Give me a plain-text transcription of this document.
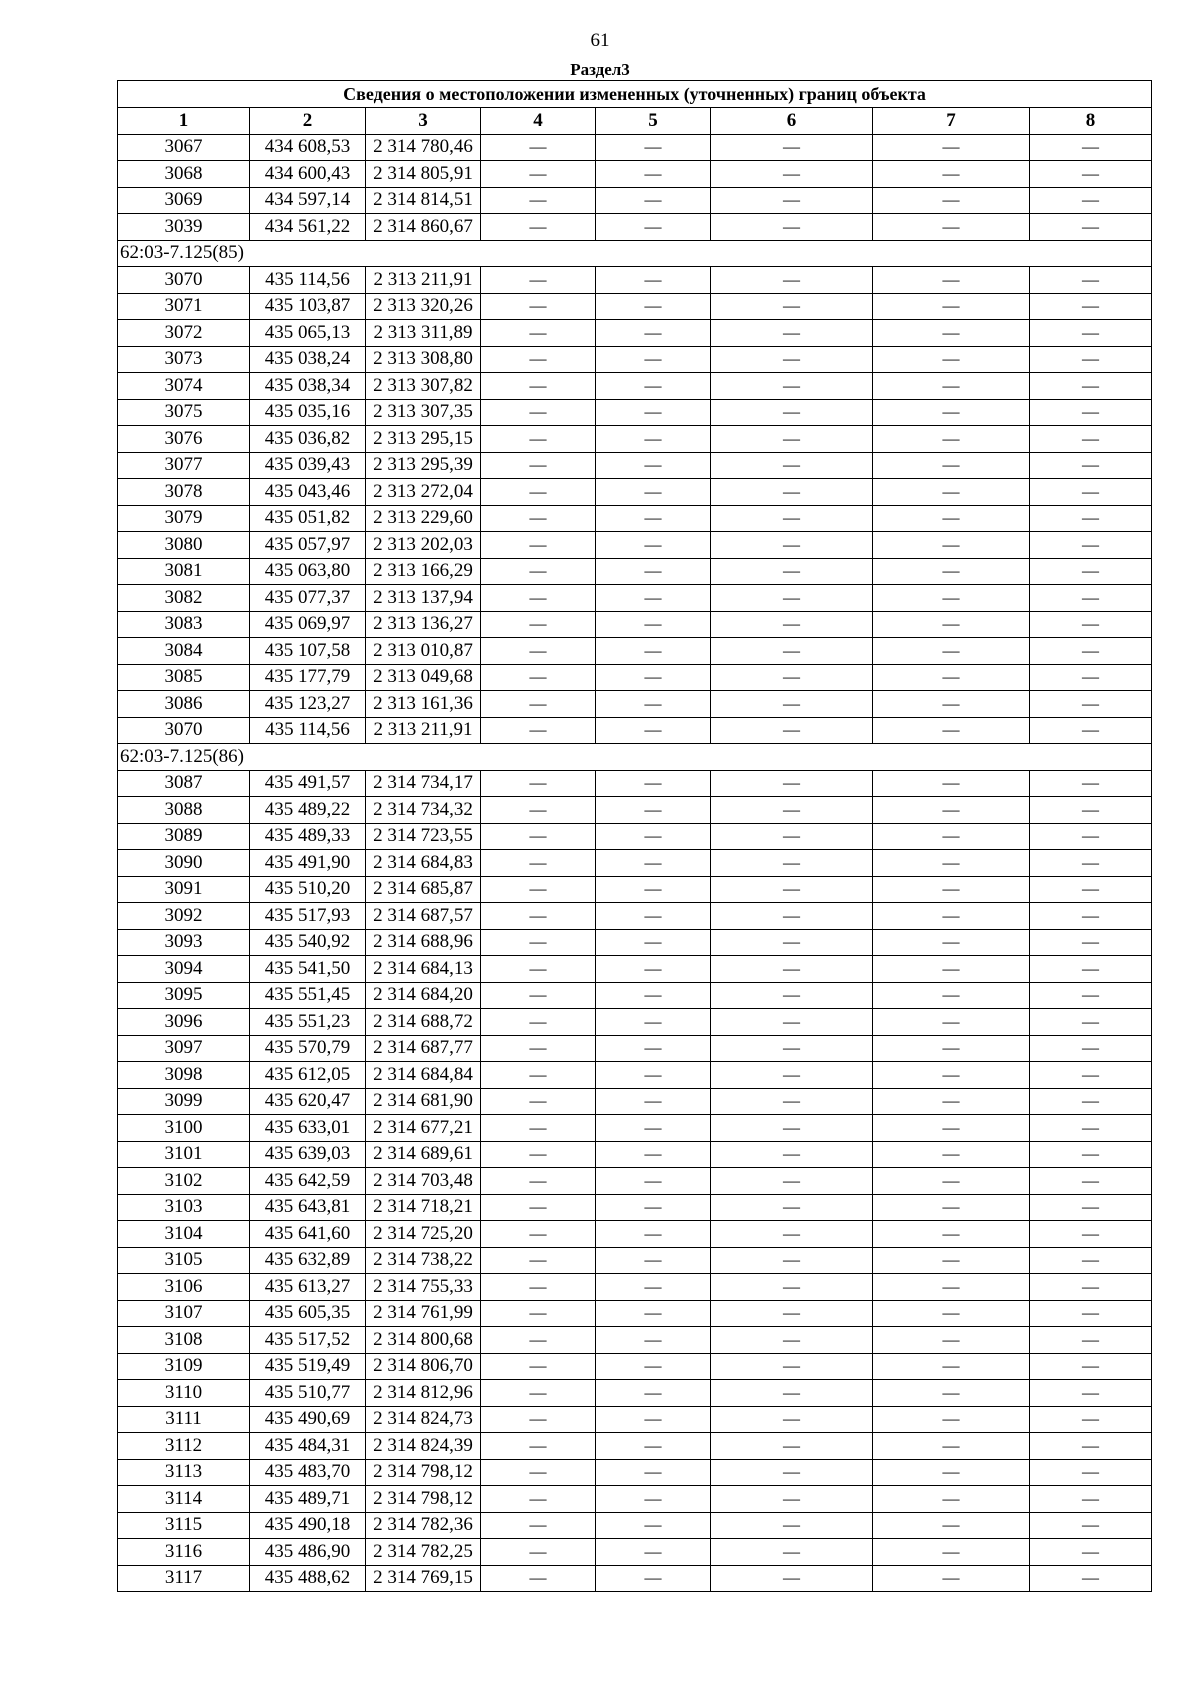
61
Раздел3
Сведения о местоположении измененных (уточненных) границ объекта							
1	2	3	4	5	6	7	8
3067	434 608,53	2 314 780,46	—	—	—	—	—
3068	434 600,43	2 314 805,91	—	—	—	—	—
3069	434 597,14	2 314 814,51	—	—	—	—	—
3039	434 561,22	2 314 860,67	—	—	—	—	—
62:03-7.125(85)							
3070	435 114,56	2 313 211,91	—	—	—	—	—
3071	435 103,87	2 313 320,26	—	—	—	—	—
3072	435 065,13	2 313 311,89	—	—	—	—	—
3073	435 038,24	2 313 308,80	—	—	—	—	—
3074	435 038,34	2 313 307,82	—	—	—	—	—
3075	435 035,16	2 313 307,35	—	—	—	—	—
3076	435 036,82	2 313 295,15	—	—	—	—	—
3077	435 039,43	2 313 295,39	—	—	—	—	—
3078	435 043,46	2 313 272,04	—	—	—	—	—
3079	435 051,82	2 313 229,60	—	—	—	—	—
3080	435 057,97	2 313 202,03	—	—	—	—	—
3081	435 063,80	2 313 166,29	—	—	—	—	—
3082	435 077,37	2 313 137,94	—	—	—	—	—
3083	435 069,97	2 313 136,27	—	—	—	—	—
3084	435 107,58	2 313 010,87	—	—	—	—	—
3085	435 177,79	2 313 049,68	—	—	—	—	—
3086	435 123,27	2 313 161,36	—	—	—	—	—
3070	435 114,56	2 313 211,91	—	—	—	—	—
62:03-7.125(86)							
3087	435 491,57	2 314 734,17	—	—	—	—	—
3088	435 489,22	2 314 734,32	—	—	—	—	—
3089	435 489,33	2 314 723,55	—	—	—	—	—
3090	435 491,90	2 314 684,83	—	—	—	—	—
3091	435 510,20	2 314 685,87	—	—	—	—	—
3092	435 517,93	2 314 687,57	—	—	—	—	—
3093	435 540,92	2 314 688,96	—	—	—	—	—
3094	435 541,50	2 314 684,13	—	—	—	—	—
3095	435 551,45	2 314 684,20	—	—	—	—	—
3096	435 551,23	2 314 688,72	—	—	—	—	—
3097	435 570,79	2 314 687,77	—	—	—	—	—
3098	435 612,05	2 314 684,84	—	—	—	—	—
3099	435 620,47	2 314 681,90	—	—	—	—	—
3100	435 633,01	2 314 677,21	—	—	—	—	—
3101	435 639,03	2 314 689,61	—	—	—	—	—
3102	435 642,59	2 314 703,48	—	—	—	—	—
3103	435 643,81	2 314 718,21	—	—	—	—	—
3104	435 641,60	2 314 725,20	—	—	—	—	—
3105	435 632,89	2 314 738,22	—	—	—	—	—
3106	435 613,27	2 314 755,33	—	—	—	—	—
3107	435 605,35	2 314 761,99	—	—	—	—	—
3108	435 517,52	2 314 800,68	—	—	—	—	—
3109	435 519,49	2 314 806,70	—	—	—	—	—
3110	435 510,77	2 314 812,96	—	—	—	—	—
3111	435 490,69	2 314 824,73	—	—	—	—	—
3112	435 484,31	2 314 824,39	—	—	—	—	—
3113	435 483,70	2 314 798,12	—	—	—	—	—
3114	435 489,71	2 314 798,12	—	—	—	—	—
3115	435 490,18	2 314 782,36	—	—	—	—	—
3116	435 486,90	2 314 782,25	—	—	—	—	—
3117	435 488,62	2 314 769,15	—	—	—	—	—
